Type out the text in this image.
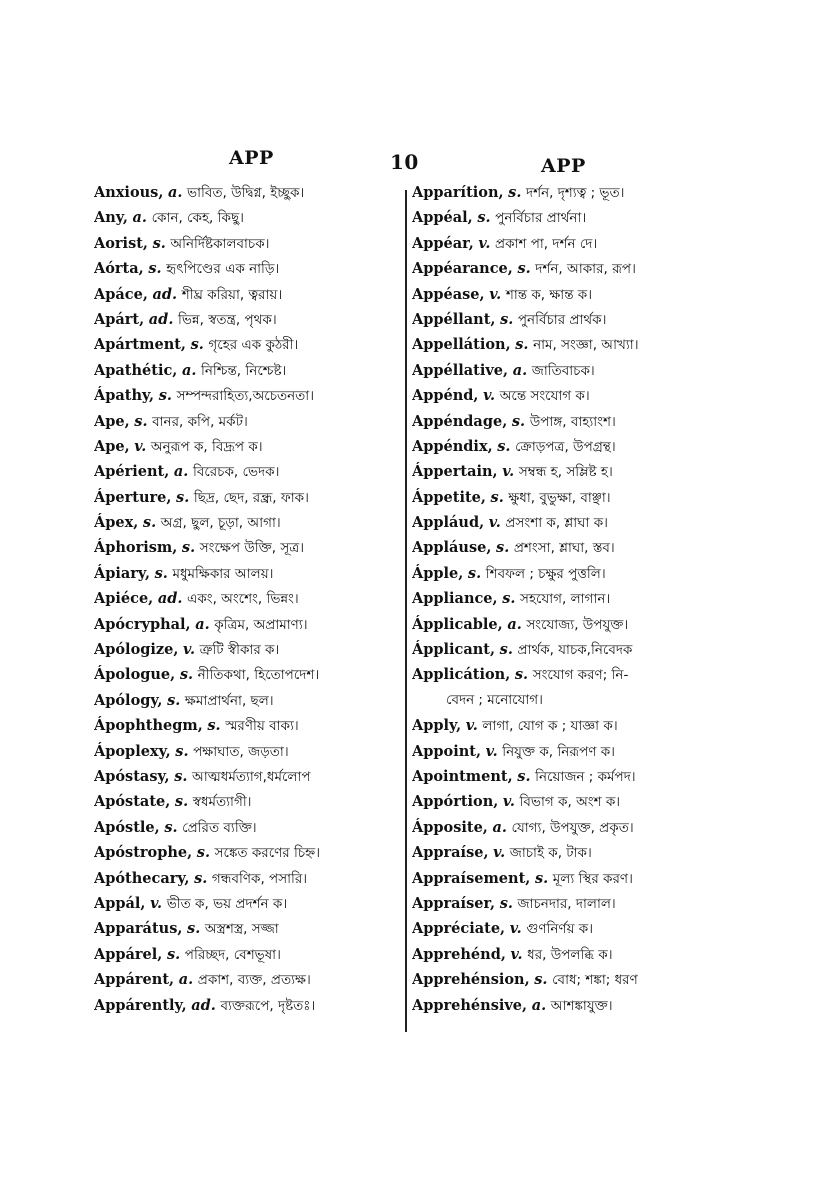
APP	10	APP
Anxious, a. ভাবিত, উদ্বিগ্ন, ইচ্ছুক।
Any, a. কোন, কেহ, কিছু।
Aorist, s. অনির্দিষ্টকালবাচক।
Aórta, s. হৃৎপিণ্ডের এক নাড়ি।
Apáce, ad. শীঘ্র করিয়া, ত্বরায়।
Apárt, ad. ভিন্ন, স্বতন্ত্র, পৃথক।
Apártment, s. গৃহের এক কুঠরী।
Apathétic, a. নিশ্চিন্ত, নিশ্চেষ্ট।
Ápathy, s. সম্পন্দরাহিত্য,অচেতনতা।
Ape, s. বানর, কপি, মর্কট।
Ape, v. অনুরূপ ক, বিদ্রূপ ক।
Apérient, a. বিরেচক, ভেদক।
Áperture, s. ছিদ্র, ছেদ, রন্ধ্র, ফাক।
Ápex, s. অগ্র, ছুল, চূড়া, আগা।
Áphorism, s. সংক্ষেপ উক্তি, সূত্র।
Ápiary, s. মধুমক্ষিকার আলয়।
Apiéce, ad. একং, অংশেং, ভিন্নং।
Apócryphal, a. কৃত্রিম, অপ্রামাণ্য।
Apólogize, v. ত্রুটি স্বীকার ক।
Ápologue, s. নীতিকথা, হিতোপদেশ।
Apólogy, s. ক্ষমাপ্রার্থনা, ছল।
Ápophthegm, s. স্মরণীয় বাক্য।
Ápoplexy, s. পক্ষাঘাত, জড়তা।
Apóstasy, s. আত্মধর্মত্যাগ,ধর্মলোপ
Apóstate, s. স্বধর্মত্যাগী।
Apóstle, s. প্রেরিত ব্যক্তি।
Apóstrophe, s. সঙ্কেত করণের চিহ্ন।
Apóthecary, s. গন্ধবণিক, পসারি।
Appál, v. ভীত ক, ভয় প্রদর্শন ক।
Apparátus, s. অস্ত্রশস্ত্র, সজ্জা
Appárel, s. পরিচ্ছদ, বেশভূষা।
Appárent, a. প্রকাশ, ব্যক্ত, প্রত্যক্ষ।
Appárently, ad. ব্যক্তরূপে, দৃষ্টতঃ।
Apparítion, s. দর্শন, দৃশ্যত্ব ; ভূত।
Appéal, s. পুনর্বিচার প্রার্থনা।
Appéar, v. প্রকাশ পা, দর্শন দে।
Appéarance, s. দর্শন, আকার, রূপ।
Appéase, v. শান্ত ক, ক্ষান্ত ক।
Appéllant, s. পুনর্বিচার প্রার্থক।
Appellátion, s. নাম, সংজ্ঞা, আখ্যা।
Appéllative, a. জাতিবাচক।
Appénd, v. অন্তে সংযোগ ক।
Appéndage, s. উপাঙ্গ, বাহ্যাংশ।
Appéndix, s. ক্রোড়পত্র, উপগ্রন্থ।
Áppertain, v. সম্বন্ধ হ, সম্লিষ্ট হ।
Áppetite, s. ক্ষুধা, বুভুক্ষা, বাঞ্ছা।
Appláud, v. প্রসংশা ক, শ্লাঘা ক।
Appláuse, s. প্রশংসা, শ্লাঘা, স্তব।
Ápple, s. শিবফল ; চক্ষুর পুত্তলি।
Appliance, s. সহযোগ, লাগান।
Ápplicable, a. সংযোজ্য, উপযুক্ত।
Ápplicant, s. প্রার্থক, যাচক,নিবেদক
Applicátion, s. সংযোগ করণ; নি-
বেদন ; মনোযোগ।
Apply, v. লাগা, যোগ ক ; যাজ্ঞা ক।
Appoint, v. নিযুক্ত ক, নিরূপণ ক।
Apointment, s. নিয়োজন ; কর্মপদ।
Appórtion, v. বিভাগ ক, অংশ ক।
Ápposite, a. যোগ্য, উপযুক্ত, প্রকৃত।
Appraíse, v. জাচাই ক, টাক।
Appraísement, s. মূল্য স্থির করণ।
Appraíser, s. জাচনদার, দালাল।
Appréciate, v. গুণনির্ণয় ক।
Apprehénd, v. ধর, উপলব্ধি ক।
Apprehénsion, s. বোধ; শঙ্কা; ধরণ
Apprehénsive, a. আশঙ্কাযুক্ত।
